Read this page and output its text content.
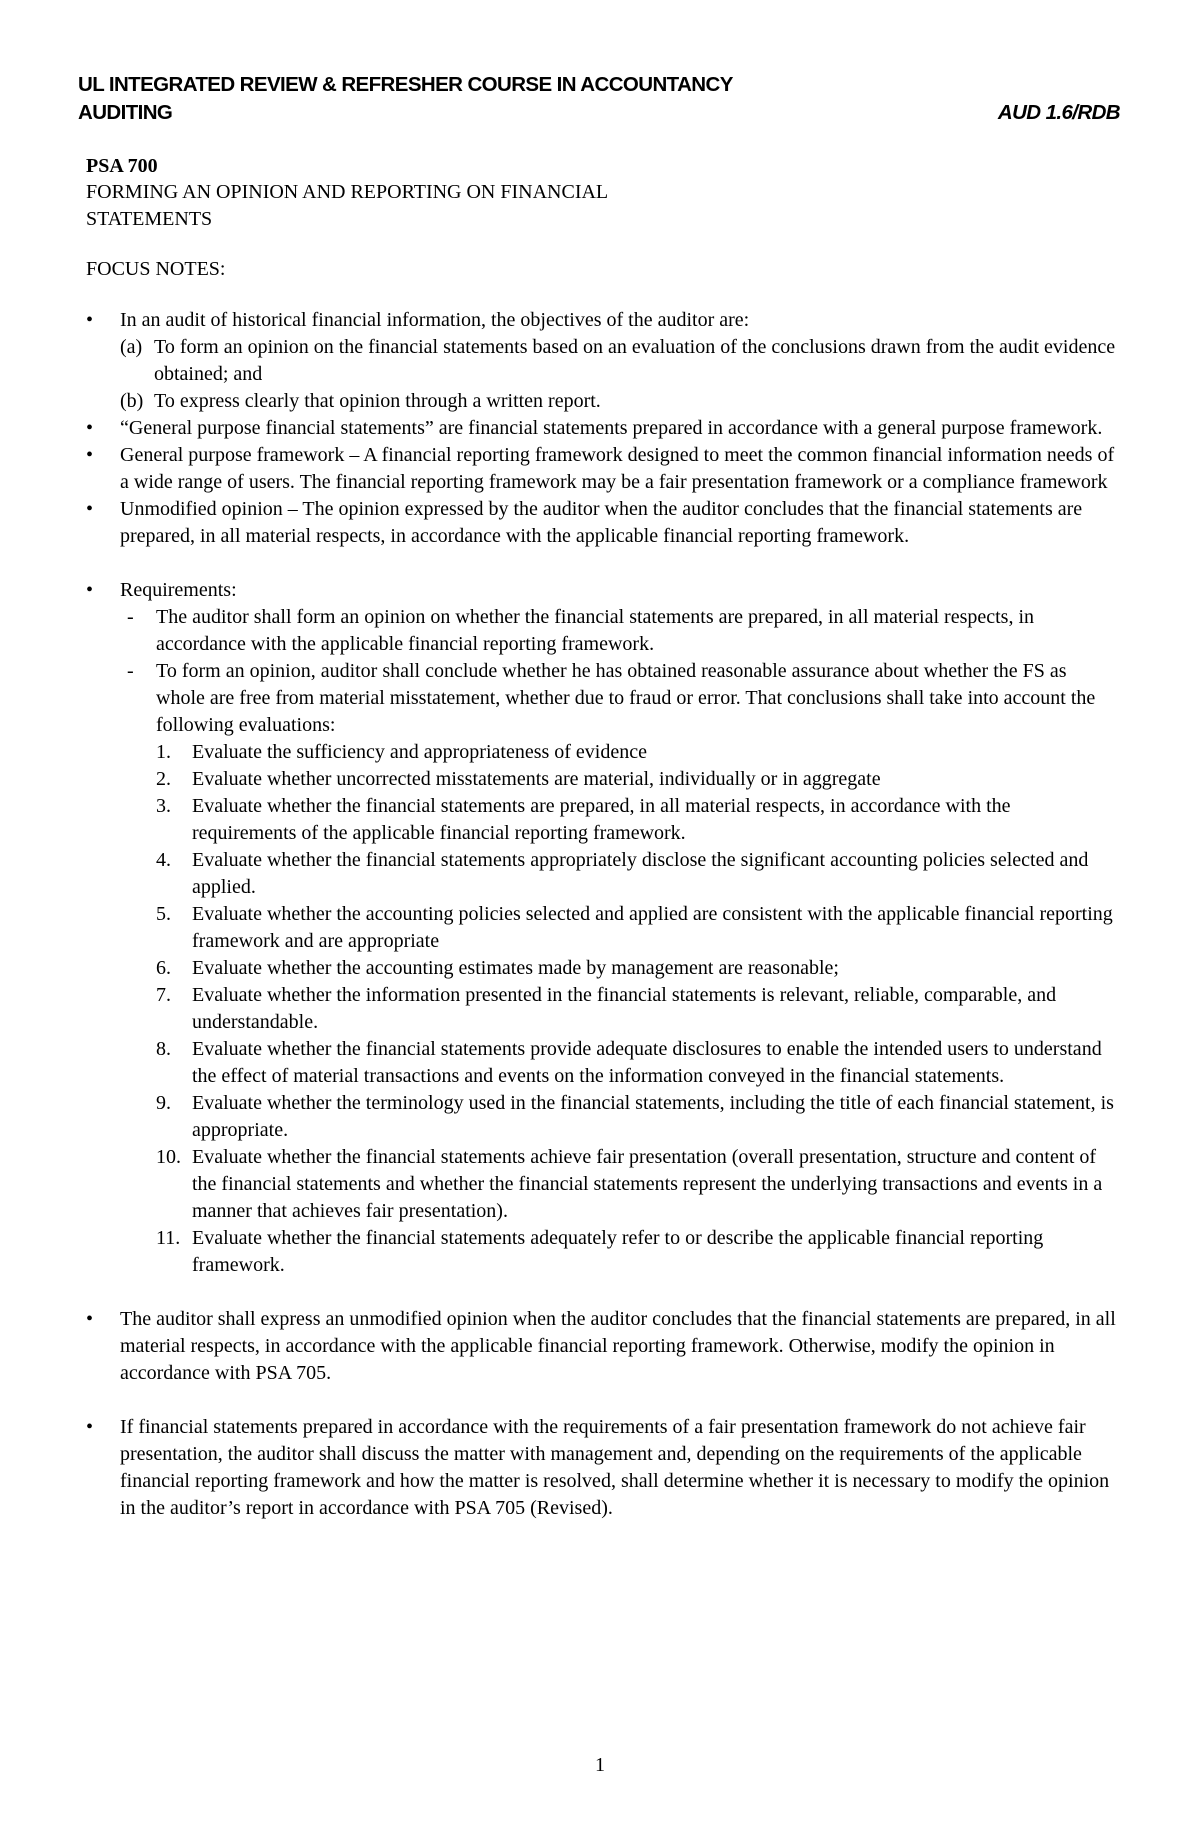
UL INTEGRATED REVIEW & REFRESHER COURSE IN ACCOUNTANCY
AUDITING	AUD 1.6/RDB
PSA 700
FORMING AN OPINION AND REPORTING ON FINANCIAL STATEMENTS
FOCUS NOTES:
•	In an audit of historical financial information, the objectives of the auditor are:
(a) To form an opinion on the financial statements based on an evaluation of the conclusions drawn from the audit evidence obtained; and
(b) To express clearly that opinion through a written report.
•	“General purpose financial statements” are financial statements prepared in accordance with a general purpose framework.
•	General purpose framework – A financial reporting framework designed to meet the common financial information needs of a wide range of users. The financial reporting framework may be a fair presentation framework or a compliance framework
•	Unmodified opinion – The opinion expressed by the auditor when the auditor concludes that the financial statements are prepared, in all material respects, in accordance with the applicable financial reporting framework.
•	Requirements:
- The auditor shall form an opinion on whether the financial statements are prepared, in all material respects, in accordance with the applicable financial reporting framework.
- To form an opinion, auditor shall conclude whether he has obtained reasonable assurance about whether the FS as whole are free from material misstatement, whether due to fraud or error. That conclusions shall take into account the following evaluations:
1.	Evaluate the sufficiency and appropriateness of evidence
2.	Evaluate whether uncorrected misstatements are material, individually or in aggregate
3.	Evaluate whether the financial statements are prepared, in all material respects, in accordance with the requirements of the applicable financial reporting framework.
4.	Evaluate whether the financial statements appropriately disclose the significant accounting policies selected and applied.
5.	Evaluate whether the accounting policies selected and applied are consistent with the applicable financial reporting framework and are appropriate
6.	Evaluate whether the accounting estimates made by management are reasonable;
7.	Evaluate whether the information presented in the financial statements is relevant, reliable, comparable, and understandable.
8.	Evaluate whether the financial statements provide adequate disclosures to enable the intended users to understand the effect of material transactions and events on the information conveyed in the financial statements.
9.	Evaluate whether the terminology used in the financial statements, including the title of each financial statement, is appropriate.
10. Evaluate whether the financial statements achieve fair presentation (overall presentation, structure and content of the financial statements and whether the financial statements represent the underlying transactions and events in a manner that achieves fair presentation).
11. Evaluate whether the financial statements adequately refer to or describe the applicable financial reporting framework.
•	The auditor shall express an unmodified opinion when the auditor concludes that the financial statements are prepared, in all material respects, in accordance with the applicable financial reporting framework. Otherwise, modify the opinion in accordance with PSA 705.
•	If financial statements prepared in accordance with the requirements of a fair presentation framework do not achieve fair presentation, the auditor shall discuss the matter with management and, depending on the requirements of the applicable financial reporting framework and how the matter is resolved, shall determine whether it is necessary to modify the opinion in the auditor’s report in accordance with PSA 705 (Revised).
1
